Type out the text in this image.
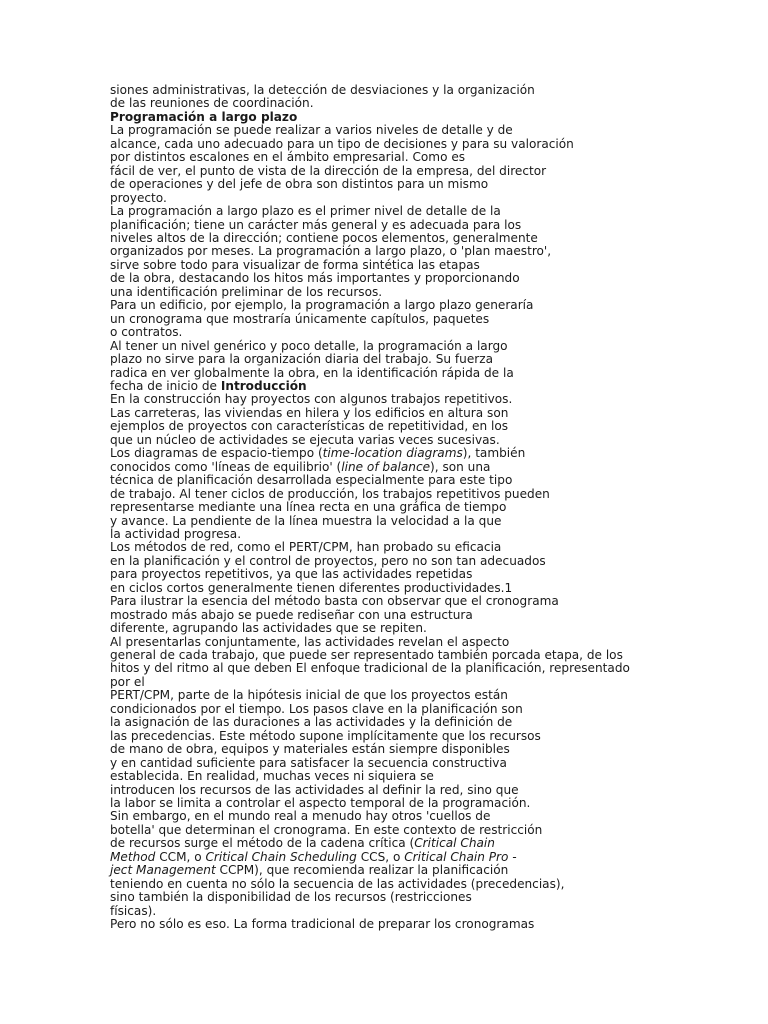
siones administrativas, la detección de desviaciones y la organización
de las reuniones de coordinación.
Programación a largo plazo
La programación se puede realizar a varios niveles de detalle y de
alcance, cada uno adecuado para un tipo de decisiones y para su valoración
por distintos escalones en el ámbito empresarial. Como es
fácil de ver, el punto de vista de la dirección de la empresa, del director
de operaciones y del jefe de obra son distintos para un mismo
proyecto.
La programación a largo plazo es el primer nivel de detalle de la
planificación; tiene un carácter más general y es adecuada para los
niveles altos de la dirección; contiene pocos elementos, generalmente
organizados por meses. La programación a largo plazo, o 'plan maestro',
sirve sobre todo para visualizar de forma sintética las etapas
de la obra, destacando los hitos más importantes y proporcionando
una identificación preliminar de los recursos.
Para un edificio, por ejemplo, la programación a largo plazo generaría
un cronograma que mostraría únicamente capítulos, paquetes
o contratos.
Al tener un nivel genérico y poco detalle, la programación a largo
plazo no sirve para la organización diaria del trabajo. Su fuerza
radica en ver globalmente la obra, en la identificación rápida de la
fecha de inicio de Introducción
En la construcción hay proyectos con algunos trabajos repetitivos.
Las carreteras, las viviendas en hilera y los edificios en altura son
ejemplos de proyectos con características de repetitividad, en los
que un núcleo de actividades se ejecuta varias veces sucesivas.
Los diagramas de espacio-tiempo (time-location diagrams), también
conocidos como 'líneas de equilibrio' (line of balance), son una
técnica de planificación desarrollada especialmente para este tipo
de trabajo. Al tener ciclos de producción, los trabajos repetitivos pueden
representarse mediante una línea recta en una gráfica de tiempo
y avance. La pendiente de la línea muestra la velocidad a la que
la actividad progresa.
Los métodos de red, como el PERT/CPM, han probado su eficacia
en la planificación y el control de proyectos, pero no son tan adecuados
para proyectos repetitivos, ya que las actividades repetidas
en ciclos cortos generalmente tienen diferentes productividades.1
Para ilustrar la esencia del método basta con observar que el cronograma
mostrado más abajo se puede rediseñar con una estructura
diferente, agrupando las actividades que se repiten.
Al presentarlas conjuntamente, las actividades revelan el aspecto
general de cada trabajo, que puede ser representado también porcada etapa, de los
hitos y del ritmo al que deben El enfoque tradicional de la planificación, representado
por el
PERT/CPM, parte de la hipótesis inicial de que los proyectos están
condicionados por el tiempo. Los pasos clave en la planificación son
la asignación de las duraciones a las actividades y la definición de
las precedencias. Este método supone implícitamente que los recursos
de mano de obra, equipos y materiales están siempre disponibles
y en cantidad suficiente para satisfacer la secuencia constructiva
establecida. En realidad, muchas veces ni siquiera se
introducen los recursos de las actividades al definir la red, sino que
la labor se limita a controlar el aspecto temporal de la programación.
Sin embargo, en el mundo real a menudo hay otros 'cuellos de
botella' que determinan el cronograma. En este contexto de restricción
de recursos surge el método de la cadena crítica (Critical Chain
Method CCM, o Critical Chain Scheduling CCS, o Critical Chain Pro -
ject Management CCPM), que recomienda realizar la planificación
teniendo en cuenta no sólo la secuencia de las actividades (precedencias),
sino también la disponibilidad de los recursos (restricciones
físicas).
Pero no sólo es eso. La forma tradicional de preparar los cronogramas
